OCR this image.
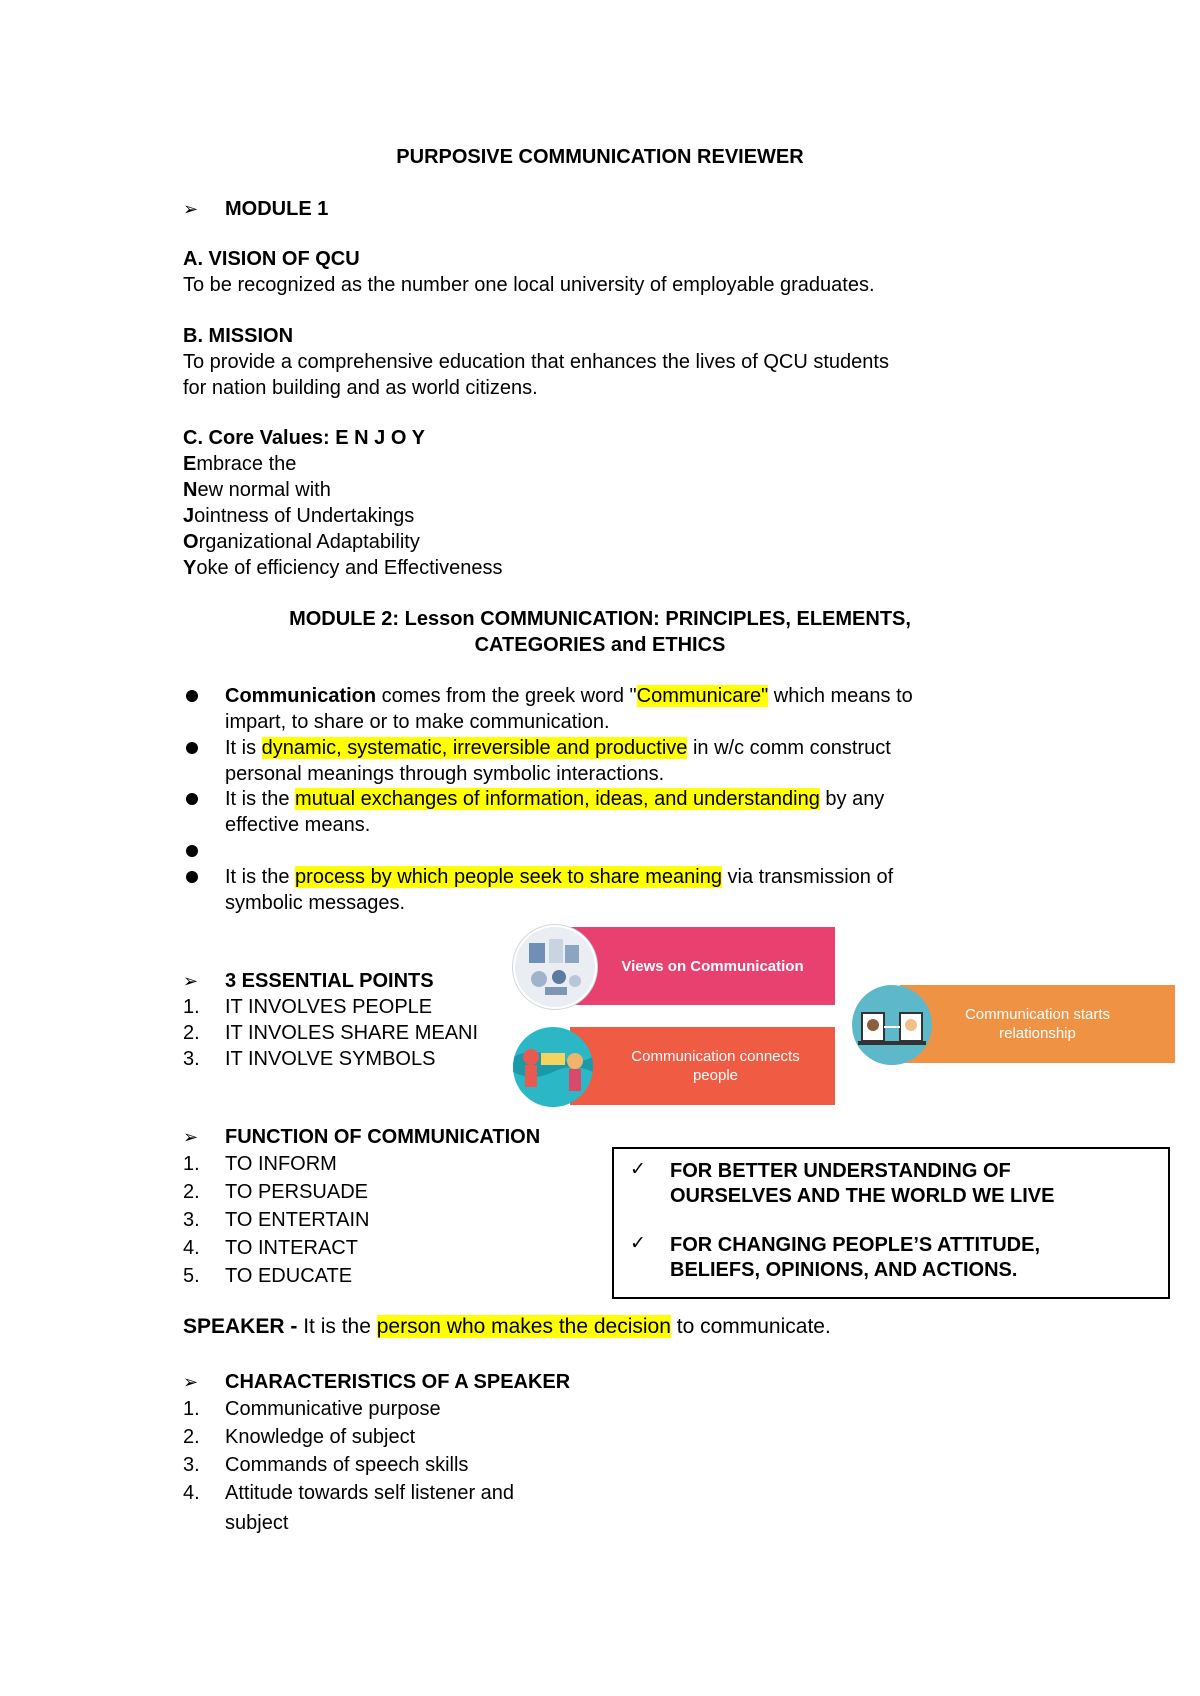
PURPOSIVE COMMUNICATION REVIEWER
➢ MODULE 1
A. VISION OF QCU
To be recognized as the number one local university of employable graduates.
B. MISSION
To provide a comprehensive education that enhances the lives of QCU students
for nation building and as world citizens.
C. Core Values: E N J O Y
Embrace the
New normal with
Jointness of Undertakings
Organizational Adaptability
Yoke of efficiency and Effectiveness
MODULE 2: Lesson COMMUNICATION: PRINCIPLES, ELEMENTS,
CATEGORIES and ETHICS
Communication comes from the greek word "Communicare" which means to
impart, to share or to make communication.
It is dynamic, systematic, irreversible and productive in w/c comm construct
personal meanings through symbolic interactions.
It is the mutual exchanges of information, ideas, and understanding by any
effective means.
It is the process by which people seek to share meaning via transmission of
symbolic messages.
➢ 3 ESSENTIAL POINTS
1. IT INVOLVES PEOPLE
2. IT INVOLES SHARE MEANI
3. IT INVOLVE SYMBOLS
Views on Communication
Communication connects people
Communication starts relationship
➢ FUNCTION OF COMMUNICATION
1. TO INFORM
2. TO PERSUADE
3. TO ENTERTAIN
4. TO INTERACT
5. TO EDUCATE
✓ FOR BETTER UNDERSTANDING OF
OURSELVES AND THE WORLD WE LIVE
✓ FOR CHANGING PEOPLE’S ATTITUDE,
BELIEFS, OPINIONS, AND ACTIONS.
SPEAKER - It is the person who makes the decision to communicate.
➢ CHARACTERISTICS OF A SPEAKER
1. Communicative purpose
2. Knowledge of subject
3. Commands of speech skills
4. Attitude towards self listener and
subject
